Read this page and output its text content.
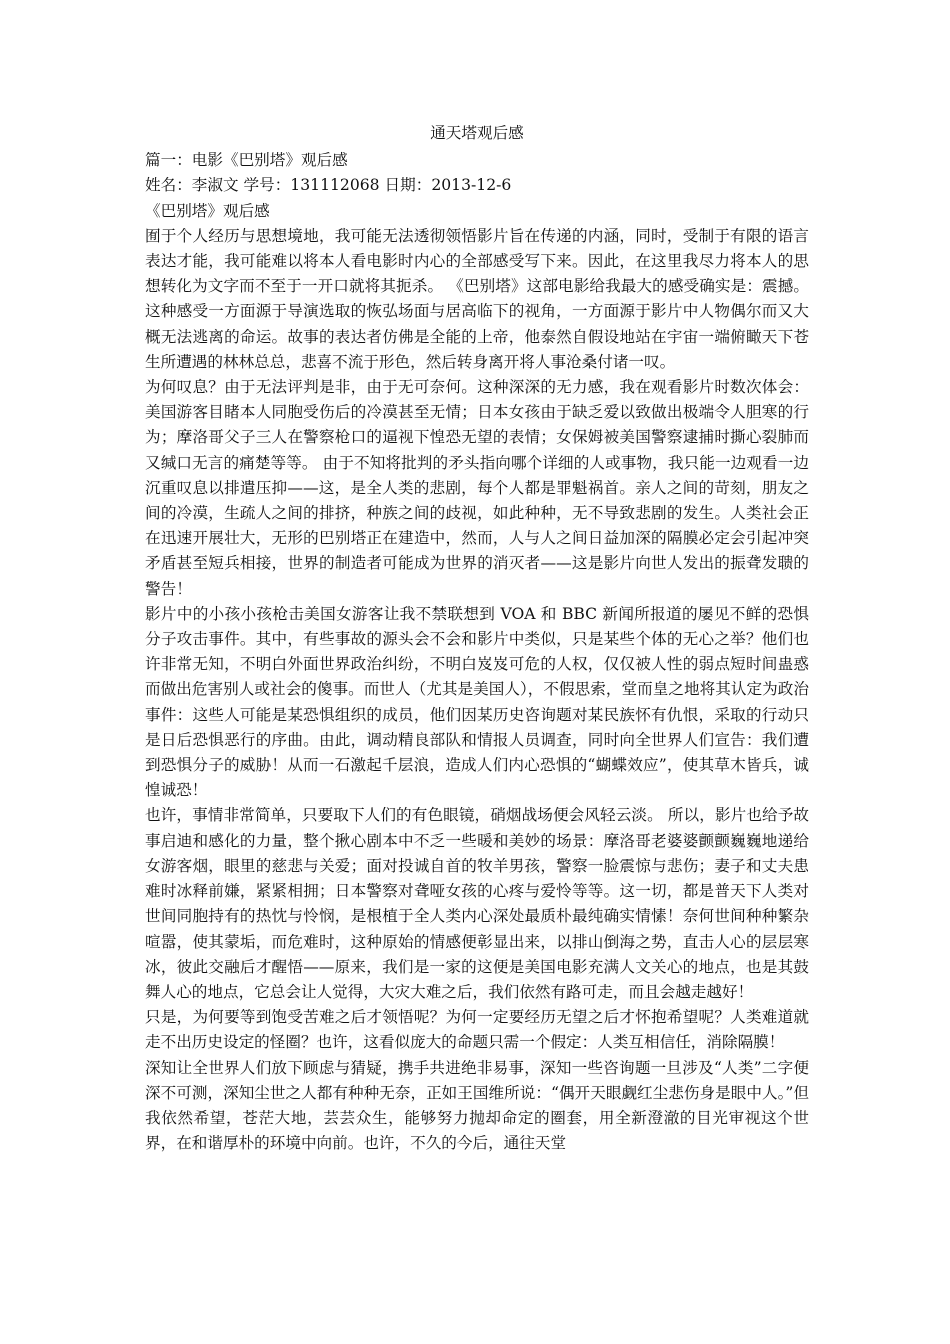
通天塔观后感
篇一：电影《巴别塔》观后感
姓名：李淑文 学号：131112068 日期：2013-12-6
《巴别塔》观后感

囿于个人经历与思想境地，我可能无法透彻领悟影片旨在传递的内涵，同时，受制于有限的语言表达才能，我可能难以将本人看电影时内心的全部感受写下来。因此，在这里我尽力将本人的思想转化为文字而不至于一开口就将其扼杀。 《巴别塔》这部电影给我最大的感受确实是：震撼。这种感受一方面源于导演选取的恢弘场面与居高临下的视角，一方面源于影片中人物偶尔而又大概无法逃离的命运。故事的表达者仿佛是全能的上帝，他泰然自假设地站在宇宙一端俯瞰天下苍生所遭遇的林林总总，悲喜不流于形色，然后转身离开将人事沧桑付诸一叹。

为何叹息？由于无法评判是非，由于无可奈何。这种深深的无力感，我在观看影片时数次体会：美国游客目睹本人同胞受伤后的冷漠甚至无情；日本女孩由于缺乏爱以致做出极端令人胆寒的行为；摩洛哥父子三人在警察枪口的逼视下惶恐无望的表情；女保姆被美国警察逮捕时撕心裂肺而又缄口无言的痛楚等等。 由于不知将批判的矛头指向哪个详细的人或事物，我只能一边观看一边沉重叹息以排遣压抑——这，是全人类的悲剧，每个人都是罪魁祸首。亲人之间的苛刻，朋友之间的冷漠，生疏人之间的排挤，种族之间的歧视，如此种种，无不导致悲剧的发生。人类社会正在迅速开展壮大，无形的巴别塔正在建造中，然而，人与人之间日益加深的隔膜必定会引起冲突矛盾甚至短兵相接，世界的制造者可能成为世界的消灭者——这是影片向世人发出的振聋发聩的警告！

影片中的小孩小孩枪击美国女游客让我不禁联想到 VOA 和 BBC 新闻所报道的屡见不鲜的恐惧分子攻击事件。其中，有些事故的源头会不会和影片中类似，只是某些个体的无心之举？他们也许非常无知，不明白外面世界政治纠纷，不明白岌岌可危的人权，仅仅被人性的弱点短时间蛊惑而做出危害别人或社会的傻事。而世人（尤其是美国人），不假思索，堂而皇之地将其认定为政治事件：这些人可能是某恐惧组织的成员，他们因某历史咨询题对某民族怀有仇恨，采取的行动只是日后恐惧恶行的序曲。由此，调动精良部队和情报人员调查，同时向全世界人们宣告：我们遭到恐惧分子的威胁！从而一石激起千层浪，造成人们内心恐惧的“蝴蝶效应”，使其草木皆兵，诚惶诚恐！

也许，事情非常简单，只要取下人们的有色眼镜，硝烟战场便会风轻云淡。 所以，影片也给予故事启迪和感化的力量，整个揪心剧本中不乏一些暖和美妙的场景：摩洛哥老婆婆颤颤巍巍地递给女游客烟，眼里的慈悲与关爱；面对投诚自首的牧羊男孩，警察一脸震惊与悲伤；妻子和丈夫患难时冰释前嫌，紧紧相拥；日本警察对聋哑女孩的心疼与爱怜等等。这一切，都是普天下人类对世间同胞持有的热忱与怜悯，是根植于全人类内心深处最质朴最纯确实情愫！奈何世间种种繁杂喧嚣，使其蒙垢，而危难时，这种原始的情感便彰显出来，以排山倒海之势，直击人心的层层寒冰，彼此交融后才醒悟——原来，我们是一家的这便是美国电影充满人文关心的地点，也是其鼓舞人心的地点，它总会让人觉得，大灾大难之后，我们依然有路可走，而且会越走越好！

只是，为何要等到饱受苦难之后才领悟呢？为何一定要经历无望之后才怀抱希望呢？人类难道就走不出历史设定的怪圈？也许，这看似庞大的命题只需一个假定：人类互相信任，消除隔膜！

深知让全世界人们放下顾虑与猜疑，携手共进绝非易事，深知一些咨询题一旦涉及“人类”二字便深不可测，深知尘世之人都有种种无奈，正如王国维所说：“偶开天眼觑红尘悲伤身是眼中人。”但我依然希望，苍茫大地，芸芸众生，能够努力抛却命定的圈套，用全新澄澈的目光审视这个世界，在和谐厚朴的环境中向前。也许，不久的今后，通往天堂
